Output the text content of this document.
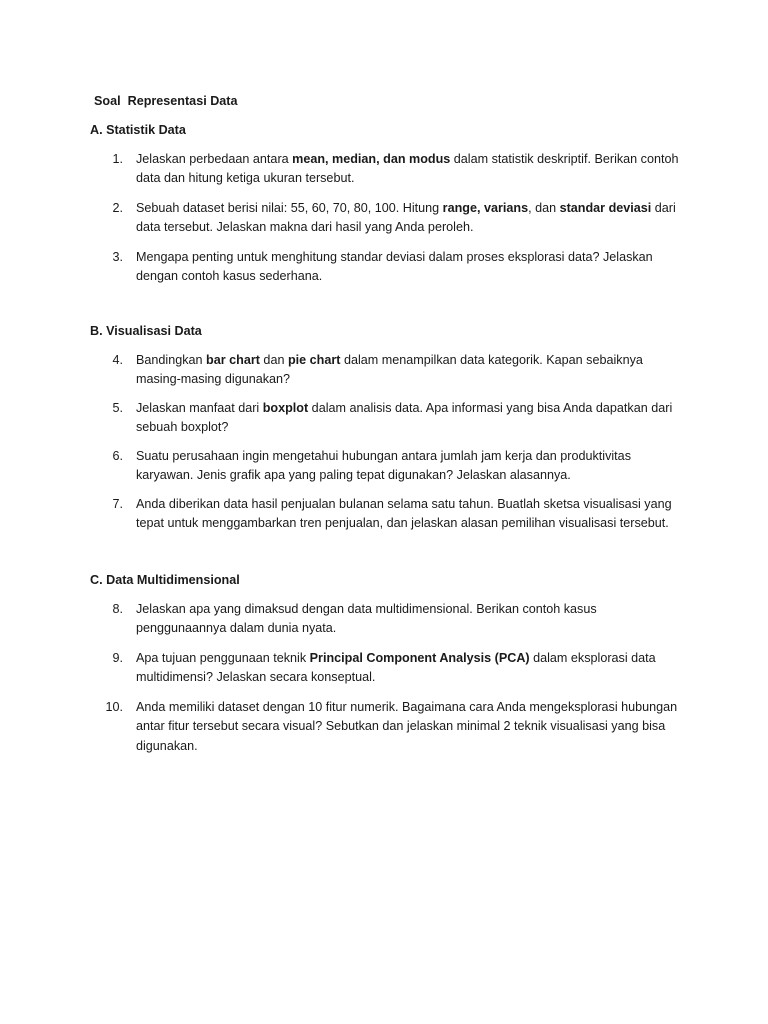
Soal  Representasi Data
A. Statistik Data
1. Jelaskan perbedaan antara mean, median, dan modus dalam statistik deskriptif. Berikan contoh data dan hitung ketiga ukuran tersebut.
2. Sebuah dataset berisi nilai: 55, 60, 70, 80, 100. Hitung range, varians, dan standar deviasi dari data tersebut. Jelaskan makna dari hasil yang Anda peroleh.
3. Mengapa penting untuk menghitung standar deviasi dalam proses eksplorasi data? Jelaskan dengan contoh kasus sederhana.
B. Visualisasi Data
4. Bandingkan bar chart dan pie chart dalam menampilkan data kategorik. Kapan sebaiknya masing-masing digunakan?
5. Jelaskan manfaat dari boxplot dalam analisis data. Apa informasi yang bisa Anda dapatkan dari sebuah boxplot?
6. Suatu perusahaan ingin mengetahui hubungan antara jumlah jam kerja dan produktivitas karyawan. Jenis grafik apa yang paling tepat digunakan? Jelaskan alasannya.
7. Anda diberikan data hasil penjualan bulanan selama satu tahun. Buatlah sketsa visualisasi yang tepat untuk menggambarkan tren penjualan, dan jelaskan alasan pemilihan visualisasi tersebut.
C. Data Multidimensional
8. Jelaskan apa yang dimaksud dengan data multidimensional. Berikan contoh kasus penggunaannya dalam dunia nyata.
9. Apa tujuan penggunaan teknik Principal Component Analysis (PCA) dalam eksplorasi data multidimensi? Jelaskan secara konseptual.
10. Anda memiliki dataset dengan 10 fitur numerik. Bagaimana cara Anda mengeksplorasi hubungan antar fitur tersebut secara visual? Sebutkan dan jelaskan minimal 2 teknik visualisasi yang bisa digunakan.
